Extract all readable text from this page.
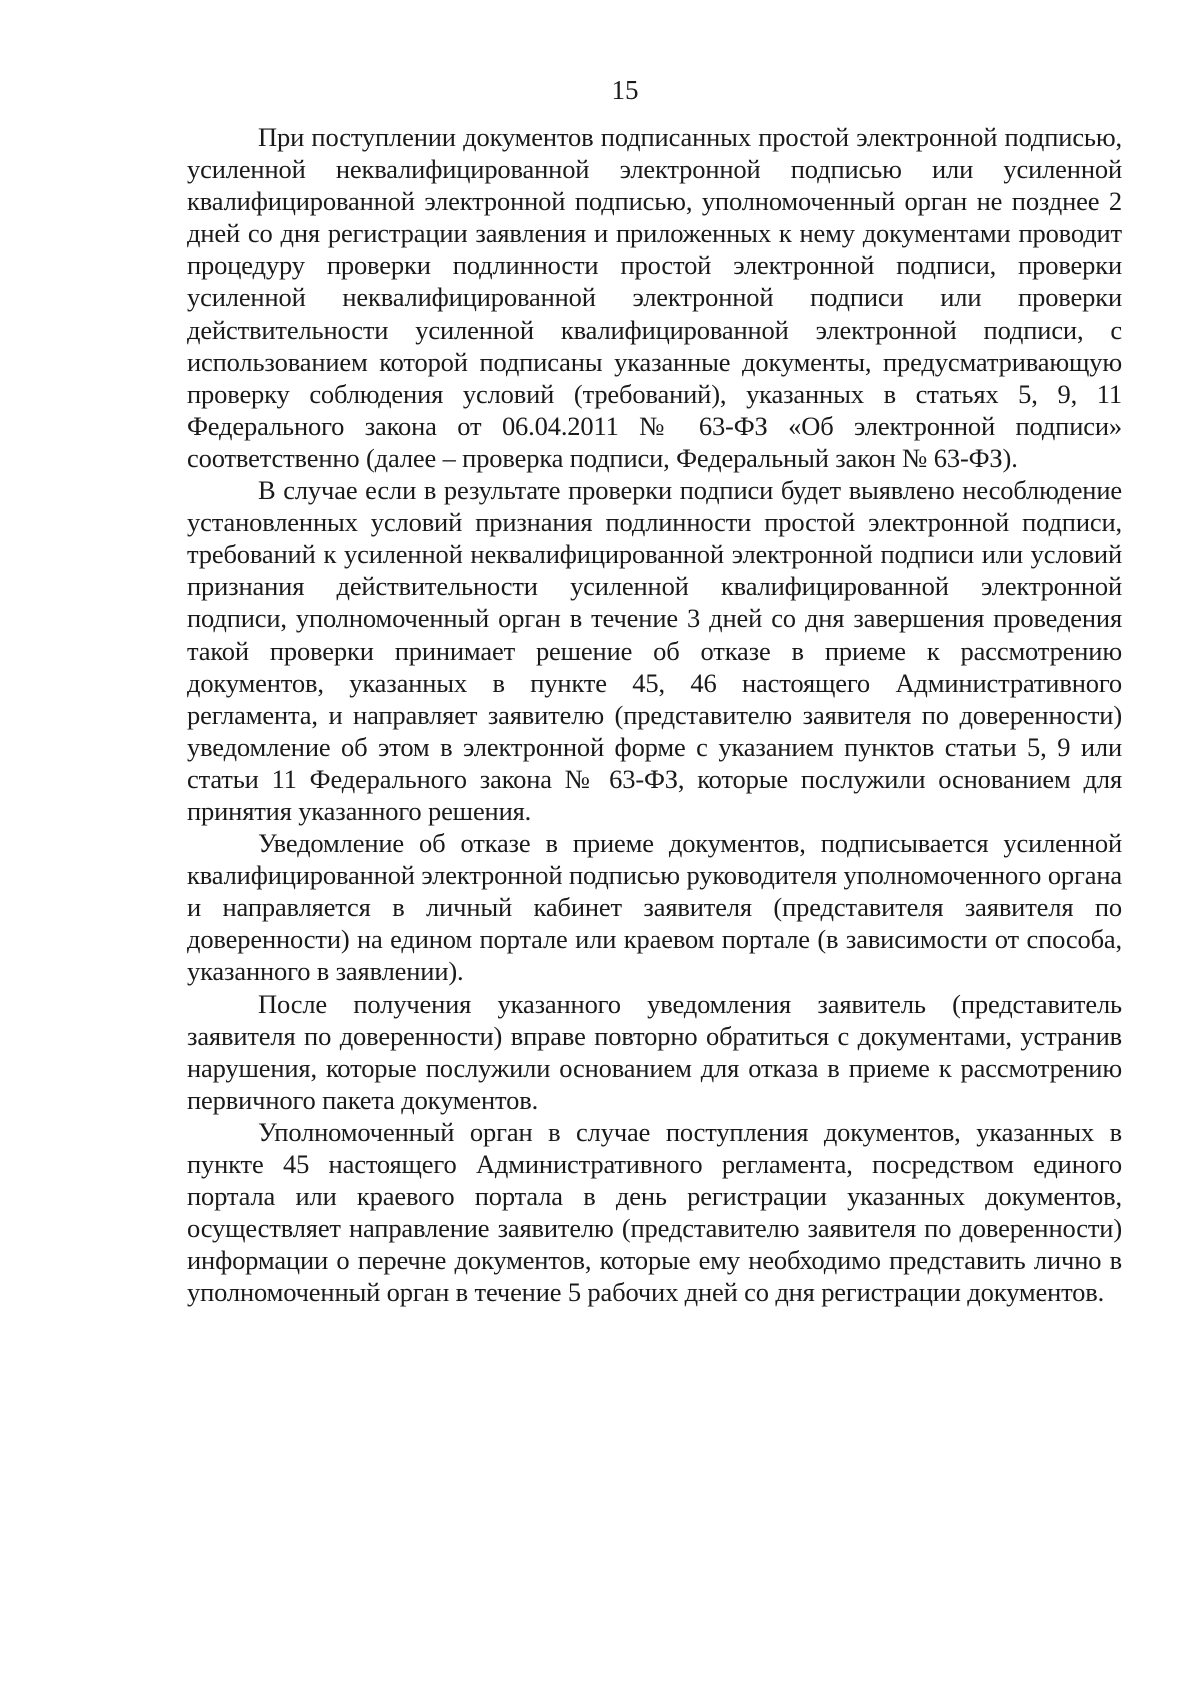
15

При поступлении документов подписанных простой электронной подписью, усиленной неквалифицированной электронной подписью или усиленной квалифицированной электронной подписью, уполномоченный орган не позднее 2 дней со дня регистрации заявления и приложенных к нему документами проводит процедуру проверки подлинности простой электронной подписи, проверки усиленной неквалифицированной электронной подписи или проверки действительности усиленной квалифицированной электронной подписи, с использованием которой подписаны указанные документы, предусматривающую проверку соблюдения условий (требований), указанных в статьях 5, 9, 11 Федерального закона от 06.04.2011 № 63-ФЗ «Об электронной подписи» соответственно (далее – проверка подписи, Федеральный закон № 63-ФЗ).

В случае если в результате проверки подписи будет выявлено несоблюдение установленных условий признания подлинности простой электронной подписи, требований к усиленной неквалифицированной электронной подписи или условий признания действительности усиленной квалифицированной электронной подписи, уполномоченный орган в течение 3 дней со дня завершения проведения такой проверки принимает решение об отказе в приеме к рассмотрению документов, указанных в пункте 45, 46 настоящего Административного регламента, и направляет заявителю (представителю заявителя по доверенности) уведомление об этом в электронной форме с указанием пунктов статьи 5, 9 или статьи 11 Федерального закона № 63-ФЗ, которые послужили основанием для принятия указанного решения.

Уведомление об отказе в приеме документов, подписывается усиленной квалифицированной электронной подписью руководителя уполномоченного органа и направляется в личный кабинет заявителя (представителя заявителя по доверенности) на едином портале или краевом портале (в зависимости от способа, указанного в заявлении).

После получения указанного уведомления заявитель (представитель заявителя по доверенности) вправе повторно обратиться с документами, устранив нарушения, которые послужили основанием для отказа в приеме к рассмотрению первичного пакета документов.

Уполномоченный орган в случае поступления документов, указанных в пункте 45 настоящего Административного регламента, посредством единого портала или краевого портала в день регистрации указанных документов, осуществляет направление заявителю (представителю заявителя по доверенности) информации о перечне документов, которые ему необходимо представить лично в уполномоченный орган в течение 5 рабочих дней со дня регистрации документов.
